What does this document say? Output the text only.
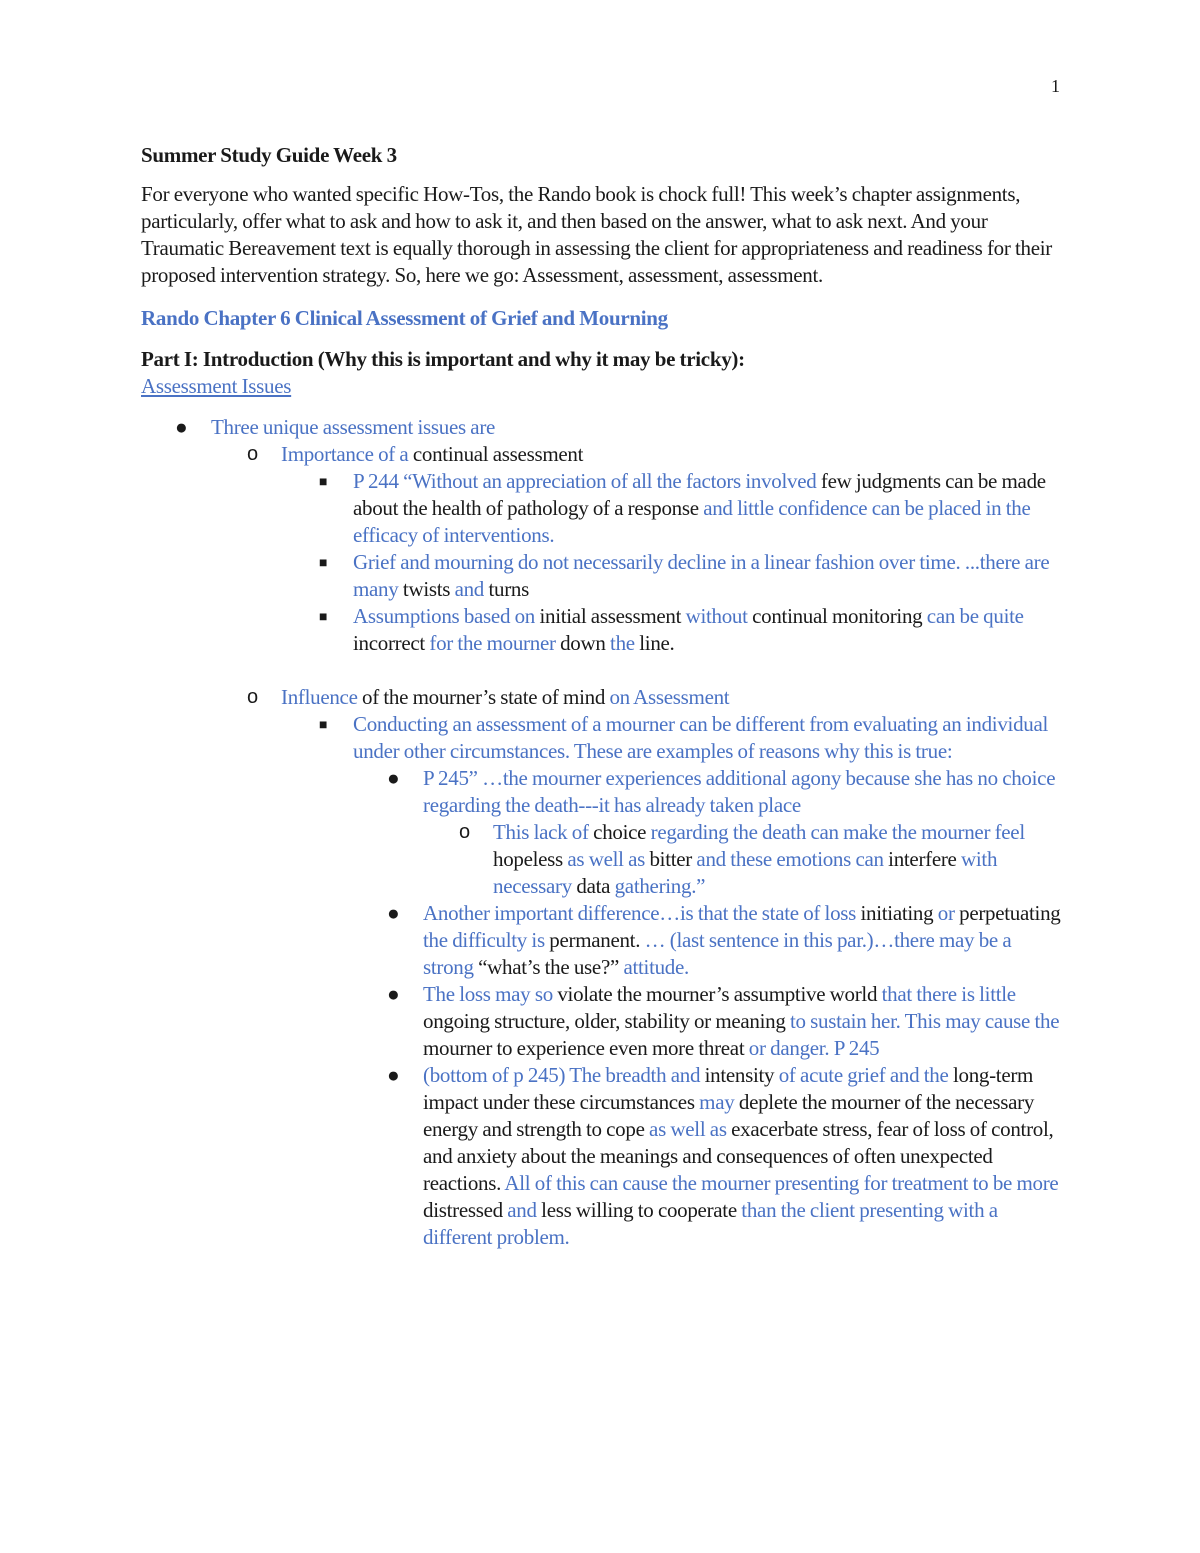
1
Summer Study Guide Week 3
For everyone who wanted specific How-Tos, the Rando book is chock full! This week’s chapter assignments, particularly, offer what to ask and how to ask it, and then based on the answer, what to ask next. And your Traumatic Bereavement text is equally thorough in assessing the client for appropriateness and readiness for their proposed intervention strategy. So, here we go: Assessment, assessment, assessment.
Rando Chapter 6 Clinical Assessment of Grief and Mourning
Part I: Introduction (Why this is important and why it may be tricky):
Assessment Issues
● Three unique assessment issues are
o Importance of a continual assessment
■ P 244 “Without an appreciation of all the factors involved few judgments can be made about the health of pathology of a response and little confidence can be placed in the efficacy of interventions.
■ Grief and mourning do not necessarily decline in a linear fashion over time. ...there are many twists and turns
■ Assumptions based on initial assessment without continual monitoring can be quite incorrect for the mourner down the line.
o Influence of the mourner’s state of mind on Assessment
■ Conducting an assessment of a mourner can be different from evaluating an individual under other circumstances. These are examples of reasons why this is true:
● P 245” …the mourner experiences additional agony because she has no choice regarding the death---it has already taken place
o This lack of choice regarding the death can make the mourner feel hopeless as well as bitter and these emotions can interfere with necessary data gathering.”
● Another important difference…is that the state of loss initiating or perpetuating the difficulty is permanent. … (last sentence in this par.)…there may be a strong “what’s the use?” attitude.
● The loss may so violate the mourner’s assumptive world that there is little ongoing structure, older, stability or meaning to sustain her. This may cause the mourner to experience even more threat or danger. P 245
● (bottom of p 245) The breadth and intensity of acute grief and the long-term impact under these circumstances may deplete the mourner of the necessary energy and strength to cope as well as exacerbate stress, fear of loss of control, and anxiety about the meanings and consequences of often unexpected reactions. All of this can cause the mourner presenting for treatment to be more distressed and less willing to cooperate than the client presenting with a different problem.
